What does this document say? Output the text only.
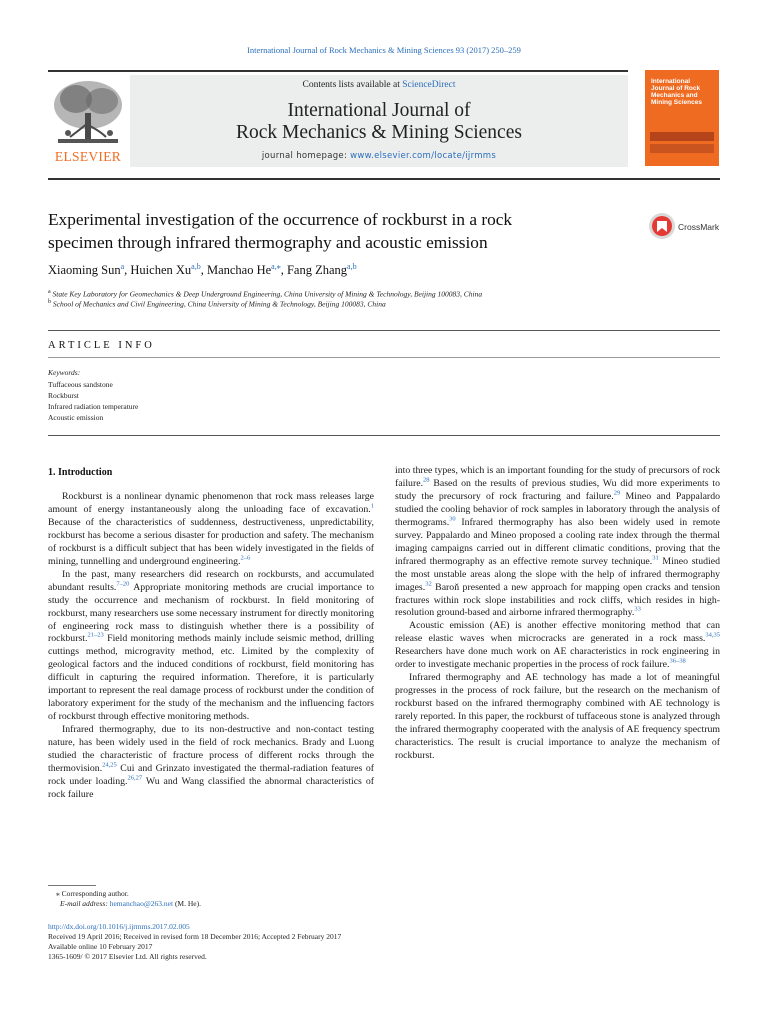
International Journal of Rock Mechanics & Mining Sciences 93 (2017) 250–259
ELSEVIER
Contents lists available at ScienceDirect
International Journal of
Rock Mechanics & Mining Sciences
journal homepage: www.elsevier.com/locate/ijrmms
International Journal of Rock Mechanics and Mining Sciences
Experimental investigation of the occurrence of rockburst in a rock
specimen through infrared thermography and acoustic emission
CrossMark
Xiaoming Sun$^a$, Huichen Xu$^{a,b}$, Manchao $He^{a,⁎}$, Fang Zhang$^{a,b}$
$^a$ State Key Laboratory for Geomechanics & Deep Underground Engineering, China University of Mining & Technology, Beijing 100083, China
$^b$ School of Mechanics and Civil Engineering, China University of Mining & Technology, Beijing 100083, China
ARTICLE INFO
Keywords:
Tuffaceous sandstone
Rockburst
Infrared radiation temperature
Acoustic emission
1. Introduction

Rockburst is a nonlinear dynamic phenomenon that rock mass releases large amount of energy instantaneously along the unloading face of excavation.$^1$ Because of the characteristics of suddenness, destructiveness, unpredictability, rockburst has become a serious disaster for production and safety. The mechanism of rockburst is a difficult subject that has been widely investigated in the fields of mining, tunnelling and underground engineering.$^{2-6}$

In the past, many researchers did research on rockbursts, and accumulated abundant results.$^{7-20}$ Appropriate monitoring methods are crucial importance to study the occurrence and mechanism of rockburst. In field monitoring of rockburst, many researchers use some necessary instrument for directly monitoring of engineering rock mass to distinguish whether there is a possibility of rockburst.$^{21-23}$ Field monitoring methods mainly include seismic method, drilling cuttings method, microgravity method, etc. Limited by the complexity of geological factors and the induced conditions of rockburst, field monitoring has difficult in capturing the required information. Therefore, it is particularly important to represent the real damage process of rockburst under the condition of laboratory experiment for the study of the mechanism and the influencing factors of rockburst through effective monitoring methods.

Infrared thermography, due to its non-destructive and non-contact testing nature, has been widely used in the field of rock mechanics. Brady and Luong studied the characteristic of fracture process of different rocks through the thermovision.$^{24,25}$ Cui and Grinzato investigated the thermal-radiation features of rock under loading.$^{26,27}$ Wu and Wang classified the abnormal characteristics of rock failure

into three types, which is an important founding for the study of precursors of rock failure.$^{28}$ Based on the results of previous studies, Wu did more experiments to study the precursory of rock fracturing and failure.$^{29}$ Mineo and Pappalardo studied the cooling behavior of rock samples in laboratory through the analysis of thermograms.$^{30}$ Infrared thermography has also been widely used in remote survey. Pappalardo and Mineo proposed a cooling rate index through the thermal imaging campaigns carried out in different climatic conditions, proving that the infrared thermography as an effective remote survey technique.$^{31}$ Mineo studied the most unstable areas along the slope with the help of infrared thermography images.$^{32}$ Baroň presented a new approach for mapping open cracks and tension fractures within rock slope instabilities and rock cliffs, which resides in high-resolution ground-based and airborne infrared thermography.$^{33}$

Acoustic emission (AE) is another effective monitoring method that can release elastic waves when microcracks are generated in a rock mass.$^{34,35}$ Researchers have done much work on AE characteristics in rock engineering in order to investigate mechanic properties in the process of rock failure.$^{36-38}$

Infrared thermography and AE technology has made a lot of meaningful progresses in the process of rock failure, but the research on the mechanism of rockburst based on the infrared thermography combined with AE technology is rarely reported. In this paper, the rockburst of tuffaceous stone is analyzed through the infrared thermography cooperated with the analysis of AE frequency spectrum characteristics. The result is crucial importance to analyze the mechanism of rockburst.

⁎ Corresponding author.
E-mail address: hemanchao@263.net (M. He).
http://dx.doi.org/10.1016/j.ijrmms.2017.02.005
Received 19 April 2016; Received in revised form 18 December 2016; Accepted 2 February 2017
Available online 10 February 2017
1365-1609/ © 2017 Elsevier Ltd. All rights reserved.
